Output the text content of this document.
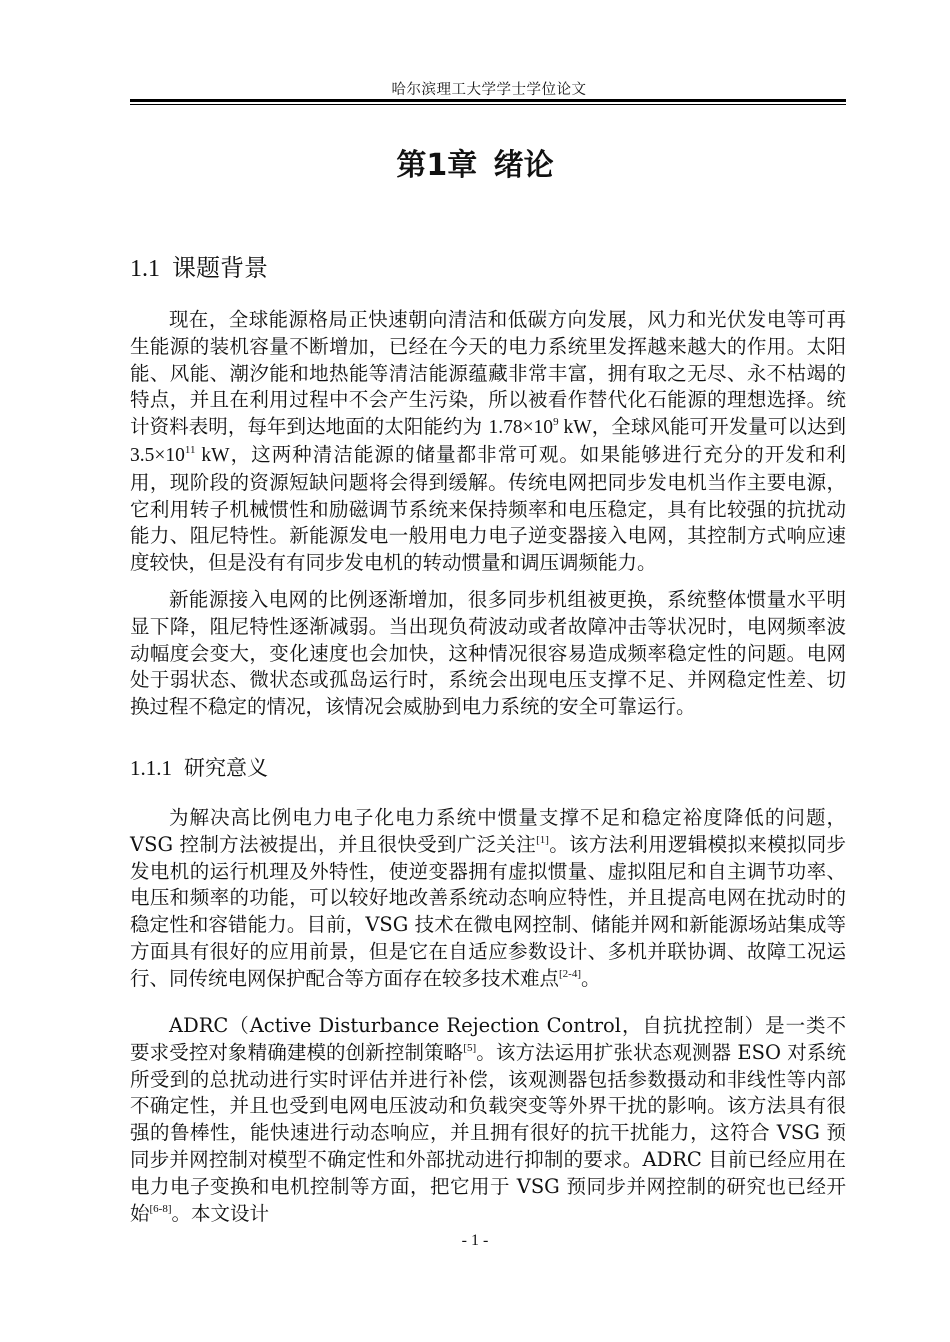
哈尔滨理工大学学士学位论文
第1章 绪论
1.1 课题背景

现在，全球能源格局正快速朝向清洁和低碳方向发展，风力和光伏发电等可再生能源的装机容量不断增加，已经在今天的电力系统里发挥越来越大的作用。太阳能、风能、潮汐能和地热能等清洁能源蕴藏非常丰富，拥有取之无尽、永不枯竭的特点，并且在利用过程中不会产生污染，所以被看作替代化石能源的理想选择。统计资料表明，每年到达地面的太阳能约为 $1.78\times 10^9$ kW，全球风能可开发量可以达到 $3.5\times 10^{11}$ kW，这两种清洁能源的储量都非常可观。如果能够进行充分的开发和利用，现阶段的资源短缺问题将会得到缓解。传统电网把同步发电机当作主要电源，它利用转子机械惯性和励磁调节系统来保持频率和电压稳定，具有比较强的抗扰动能力、阻尼特性。新能源发电一般用电力电子逆变器接入电网，其控制方式响应速度较快，但是没有有同步发电机的转动惯量和调压调频能力。

新能源接入电网的比例逐渐增加，很多同步机组被更换，系统整体惯量水平明显下降，阻尼特性逐渐减弱。当出现负荷波动或者故障冲击等状况时，电网频率波动幅度会变大，变化速度也会加快，这种情况很容易造成频率稳定性的问题。电网处于弱状态、微状态或孤岛运行时，系统会出现电压支撑不足、并网稳定性差、切换过程不稳定的情况，该情况会威胁到电力系统的安全可靠运行。

1.1.1 研究意义

为解决高比例电力电子化电力系统中惯量支撑不足和稳定裕度降低的问题，VSG 控制方法被提出，并且很快受到广泛关注[1]。该方法利用逻辑模拟来模拟同步发电机的运行机理及外特性，使逆变器拥有虚拟惯量、虚拟阻尼和自主调节功率、电压和频率的功能，可以较好地改善系统动态响应特性，并且提高电网在扰动时的稳定性和容错能力。目前，VSG 技术在微电网控制、储能并网和新能源场站集成等方面具有很好的应用前景，但是它在自适应参数设计、多机并联协调、故障工况运行、同传统电网保护配合等方面存在较多技术难点[2-4]。

ADRC（Active Disturbance Rejection Control，自抗扰控制）是一类不要求受控对象精确建模的创新控制策略[5]。该方法运用扩张状态观测器 ESO 对系统所受到的总扰动进行实时评估并进行补偿，该观测器包括参数摄动和非线性等内部不确定性，并且也受到电网电压波动和负载突变等外界干扰的影响。该方法具有很强的鲁棒性，能快速进行动态响应，并且拥有很好的抗干扰能力，这符合 VSG 预同步并网控制对模型不确定性和外部扰动进行抑制的要求。ADRC 目前已经应用在电力电子变换和电机控制等方面，把它用于 VSG 预同步并网控制的研究也已经开始[6-8]。本文设计

- 1 -
